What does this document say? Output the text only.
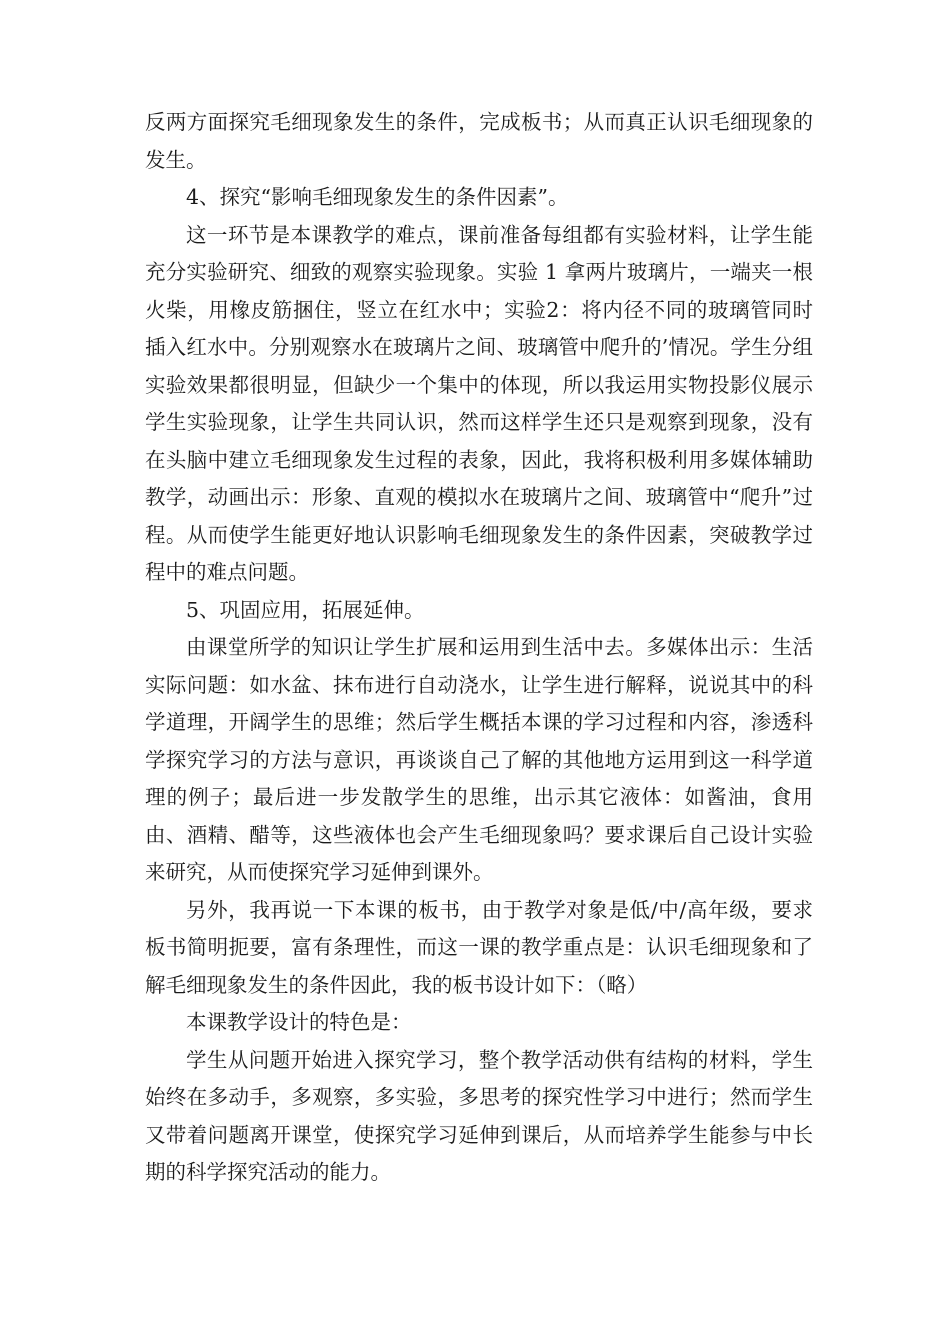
反两方面探究毛细现象发生的条件，完成板书；从而真正认识毛细现象的发生。

4、探究“影响毛细现象发生的条件因素”。

这一环节是本课教学的难点，课前准备每组都有实验材料，让学生能充分实验研究、细致的观察实验现象。实验 1 拿两片玻璃片，一端夹一根火柴，用橡皮筋捆住，竖立在红水中；实验2：将内径不同的玻璃管同时插入红水中。分别观察水在玻璃片之间、玻璃管中爬升的’情况。学生分组实验效果都很明显，但缺少一个集中的体现，所以我运用实物投影仪展示学生实验现象，让学生共同认识，然而这样学生还只是观察到现象，没有在头脑中建立毛细现象发生过程的表象，因此，我将积极利用多媒体辅助教学，动画出示：形象、直观的模拟水在玻璃片之间、玻璃管中“爬升”过程。从而使学生能更好地认识影响毛细现象发生的条件因素，突破教学过程中的难点问题。

5、巩固应用，拓展延伸。

由课堂所学的知识让学生扩展和运用到生活中去。多媒体出示：生活实际问题：如水盆、抹布进行自动浇水，让学生进行解释，说说其中的科学道理，开阔学生的思维；然后学生概括本课的学习过程和内容，渗透科学探究学习的方法与意识，再谈谈自己了解的其他地方运用到这一科学道理的例子；最后进一步发散学生的思维，出示其它液体：如酱油，食用由、酒精、醋等，这些液体也会产生毛细现象吗？要求课后自己设计实验来研究，从而使探究学习延伸到课外。

另外，我再说一下本课的板书，由于教学对象是低/中/高年级，要求板书简明扼要，富有条理性，而这一课的教学重点是：认识毛细现象和了解毛细现象发生的条件因此，我的板书设计如下：（略）

本课教学设计的特色是：

学生从问题开始进入探究学习，整个教学活动供有结构的材料，学生始终在多动手，多观察，多实验，多思考的探究性学习中进行；然而学生又带着问题离开课堂，使探究学习延伸到课后，从而培养学生能参与中长期的科学探究活动的能力。
